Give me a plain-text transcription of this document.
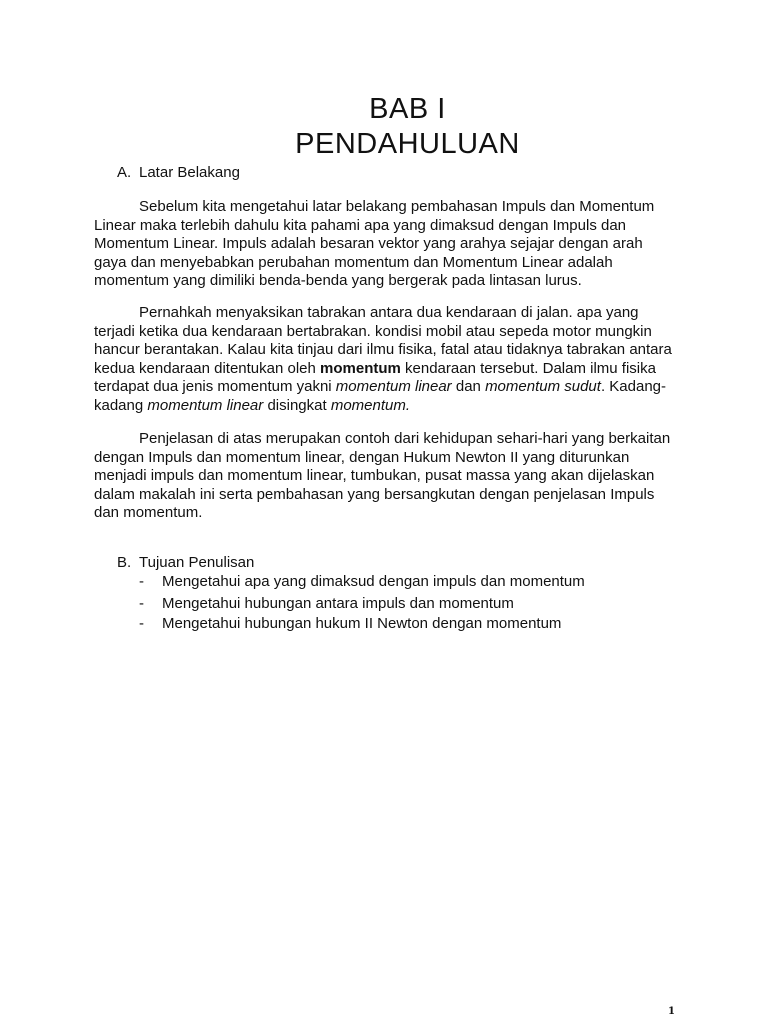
BAB I
PENDAHULUAN
A. Latar Belakang

Sebelum kita mengetahui latar belakang pembahasan Impuls dan Momentum Linear maka terlebih dahulu kita pahami apa yang dimaksud dengan Impuls dan Momentum Linear. Impuls adalah besaran vektor yang arahya sejajar dengan arah gaya dan menyebabkan perubahan momentum dan Momentum Linear adalah momentum yang dimiliki benda-benda yang bergerak pada lintasan lurus.

Pernahkah menyaksikan tabrakan antara dua kendaraan di jalan. apa yang terjadi ketika dua kendaraan bertabrakan. kondisi mobil atau sepeda motor mungkin hancur berantakan. Kalau kita tinjau dari ilmu fisika, fatal atau tidaknya tabrakan antara kedua kendaraan ditentukan oleh momentum kendaraan tersebut. Dalam ilmu fisika terdapat dua jenis momentum yakni momentum linear dan momentum sudut. Kadang-kadang momentum linear disingkat momentum.

Penjelasan di atas merupakan contoh dari kehidupan sehari-hari yang berkaitan dengan Impuls dan momentum linear, dengan Hukum Newton II yang diturunkan menjadi impuls dan momentum linear, tumbukan, pusat massa yang akan dijelaskan dalam makalah ini serta pembahasan yang bersangkutan dengan penjelasan Impuls dan momentum.

B. Tujuan Penulisan
- Mengetahui apa yang dimaksud dengan impuls dan momentum
- Mengetahui hubungan antara impuls dan momentum
- Mengetahui hubungan hukum II Newton dengan momentum
1
